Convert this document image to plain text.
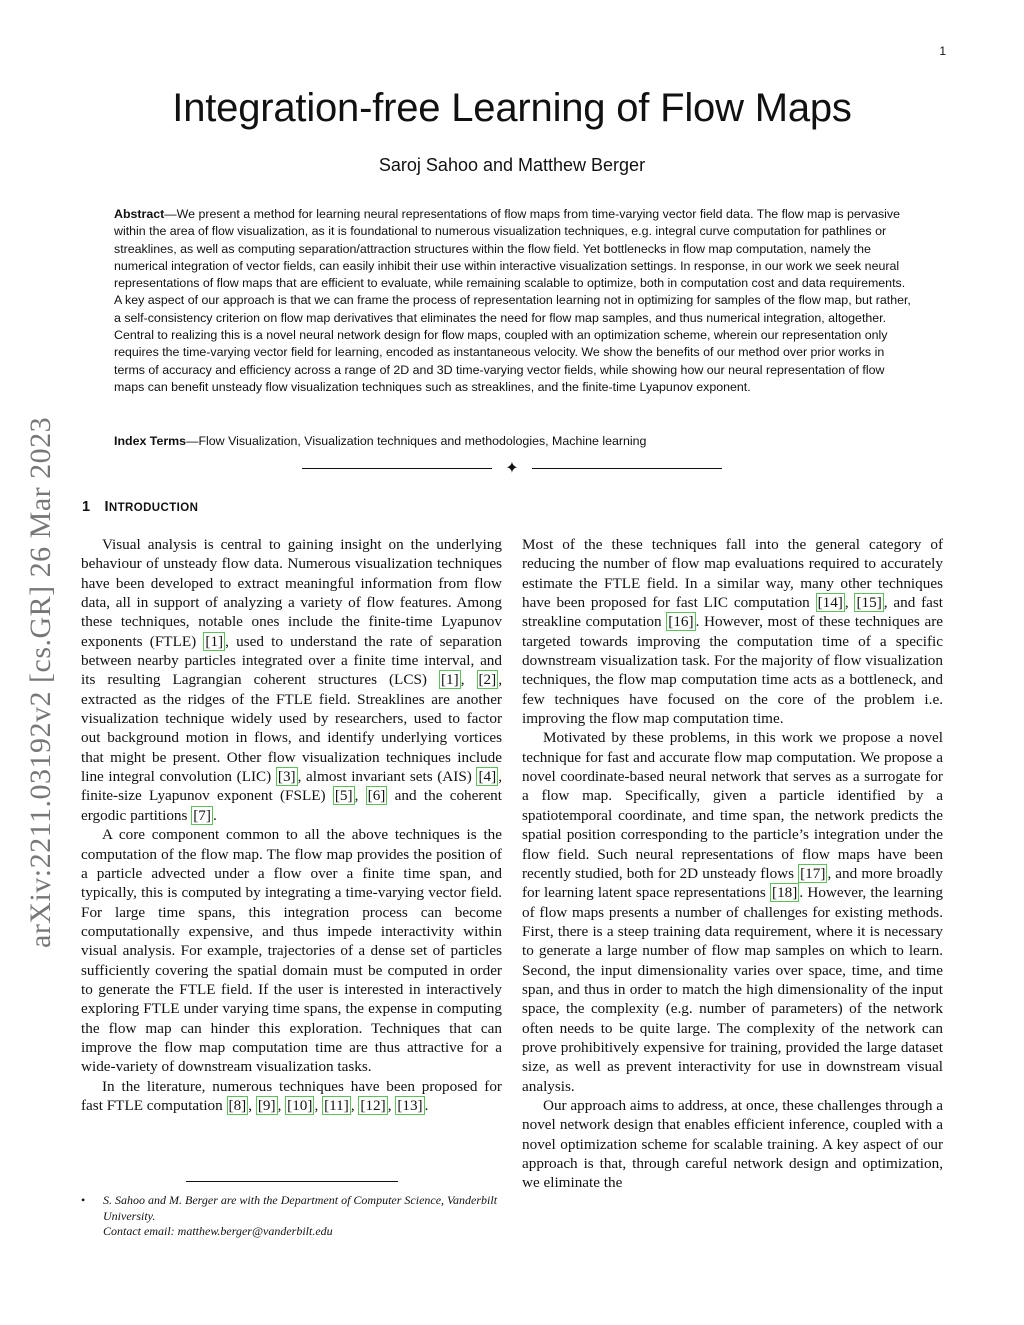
1
Integration-free Learning of Flow Maps
Saroj Sahoo and Matthew Berger
Abstract—We present a method for learning neural representations of flow maps from time-varying vector field data. The flow map is pervasive within the area of flow visualization, as it is foundational to numerous visualization techniques, e.g. integral curve computation for pathlines or streaklines, as well as computing separation/attraction structures within the flow field. Yet bottlenecks in flow map computation, namely the numerical integration of vector fields, can easily inhibit their use within interactive visualization settings. In response, in our work we seek neural representations of flow maps that are efficient to evaluate, while remaining scalable to optimize, both in computation cost and data requirements. A key aspect of our approach is that we can frame the process of representation learning not in optimizing for samples of the flow map, but rather, a self-consistency criterion on flow map derivatives that eliminates the need for flow map samples, and thus numerical integration, altogether. Central to realizing this is a novel neural network design for flow maps, coupled with an optimization scheme, wherein our representation only requires the time-varying vector field for learning, encoded as instantaneous velocity. We show the benefits of our method over prior works in terms of accuracy and efficiency across a range of 2D and 3D time-varying vector fields, while showing how our neural representation of flow maps can benefit unsteady flow visualization techniques such as streaklines, and the finite-time Lyapunov exponent.
Index Terms—Flow Visualization, Visualization techniques and methodologies, Machine learning
✦
arXiv:2211.03192v2 [cs.GR] 26 Mar 2023 1 INTRODUCTION

Visual analysis is central to gaining insight on the underlying behaviour of unsteady flow data. Numerous visualization techniques have been developed to extract meaningful information from flow data, all in support of analyzing a variety of flow features. Among these techniques, notable ones include the finite-time Lyapunov exponents (FTLE) [1] , used to understand the rate of separation between nearby particles integrated over a finite time interval, and its resulting Lagrangian coherent structures (LCS) [1] , [2] , extracted as the ridges of the FTLE field. Streaklines are another visualization technique widely used by researchers, used to factor out background motion in flows, and identify underlying vortices that might be present. Other flow visualization techniques include line integral convolution (LIC) [3] , almost invariant sets (AIS) [4] , finite-size Lyapunov exponent (FSLE) [5] , [6] and the coherent ergodic partitions [7] .

A core component common to all the above techniques is the computation of the flow map. The flow map provides the position of a particle advected under a flow over a finite time span, and typically, this is computed by integrating a time-varying vector field. For large time spans, this integration process can become computationally expensive, and thus impede interactivity within visual analysis. For example, trajectories of a dense set of particles sufficiently covering the spatial domain must be computed in order to generate the FTLE field. If the user is interested in interactively exploring FTLE under varying time spans, the expense in computing the flow map can hinder this exploration. Techniques that can improve the flow map computation time are thus attractive for a wide-variety of downstream visualization tasks.

In the literature, numerous techniques have been proposed for fast FTLE computation [8] , [9] , [10] , [11] , [12] , [13] .

• S. Sahoo and M. Berger are with the Department of Computer Science, Vanderbilt University.
Contact email: matthew.berger@vanderbilt.edu

Most of the these techniques fall into the general category of reducing the number of flow map evaluations required to accurately estimate the FTLE field. In a similar way, many other techniques have been proposed for fast LIC computation [14] , [15] , and fast streakline computation [16] . However, most of these techniques are targeted towards improving the computation time of a specific downstream visualization task. For the majority of flow visualization techniques, the flow map computation time acts as a bottleneck, and few techniques have focused on the core of the problem i.e. improving the flow map computation time.

Motivated by these problems, in this work we propose a novel technique for fast and accurate flow map computation. We propose a novel coordinate-based neural network that serves as a surrogate for a flow map. Specifically, given a particle identified by a spatiotemporal coordinate, and time span, the network predicts the spatial position corresponding to the particle’s integration under the flow field. Such neural representations of flow maps have been recently studied, both for 2D unsteady flows [17] , and more broadly for learning latent space representations [18] . However, the learning of flow maps presents a number of challenges for existing methods. First, there is a steep training data requirement, where it is necessary to generate a large number of flow map samples on which to learn. Second, the input dimensionality varies over space, time, and time span, and thus in order to match the high dimensionality of the input space, the complexity (e.g. number of parameters) of the network often needs to be quite large. The complexity of the network can prove prohibitively expensive for training, provided the large dataset size, as well as prevent interactivity for use in downstream visual analysis.

Our approach aims to address, at once, these challenges through a novel network design that enables efficient inference, coupled with a novel optimization scheme for scalable training. A key aspect of our approach is that, through careful network design and optimization, we eliminate the
